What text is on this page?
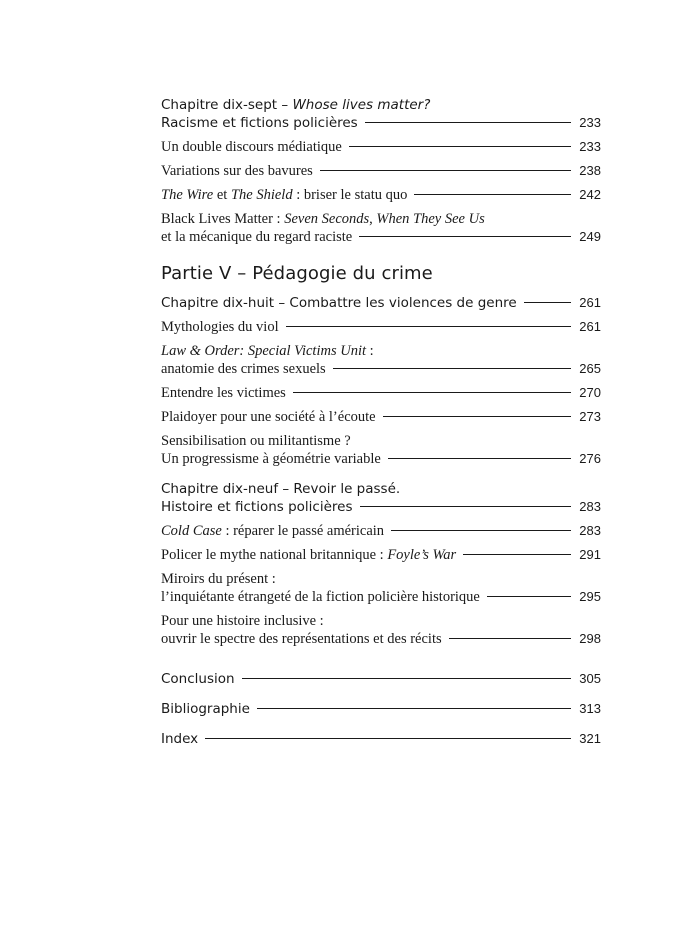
Chapitre dix-sept – Whose lives matter?
Racisme et fictions policières	233
Un double discours médiatique	233
Variations sur des bavures	238
The Wire et The Shield : briser le statu quo	242
Black Lives Matter : Seven Seconds, When They See Us
et la mécanique du regard raciste	249
Partie V – Pédagogie du crime
Chapitre dix-huit – Combattre les violences de genre	261
Mythologies du viol	261
Law & Order: Special Victims Unit :
anatomie des crimes sexuels	265
Entendre les victimes	270
Plaidoyer pour une société à l’écoute	273
Sensibilisation ou militantisme ?
Un progressisme à géométrie variable	276
Chapitre dix-neuf – Revoir le passé.
Histoire et fictions policières	283
Cold Case : réparer le passé américain	283
Policer le mythe national britannique : Foyle’s War	291
Miroirs du présent :
l’inquiétante étrangeté de la fiction policière historique	295
Pour une histoire inclusive :
ouvrir le spectre des représentations et des récits	298
Conclusion	305
Bibliographie	313
Index	321
